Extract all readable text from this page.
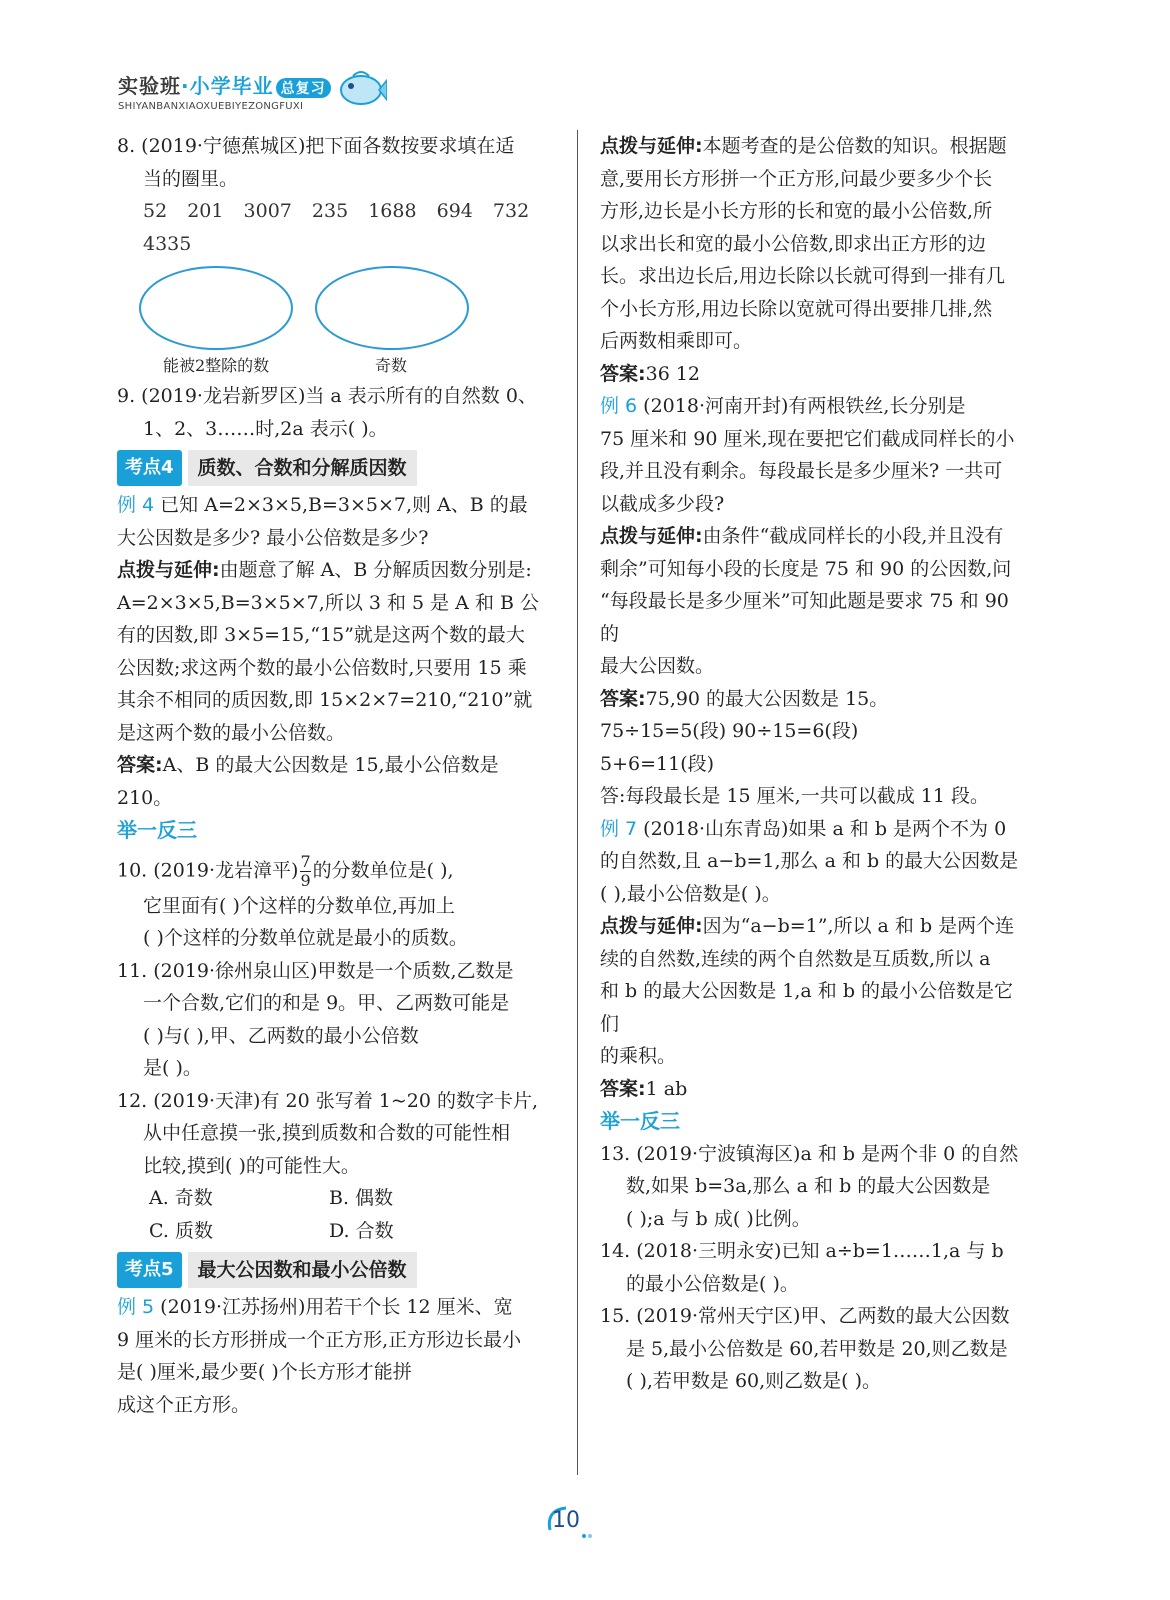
实验班·小学毕业 总复习
SHIYANBANXIAOXUEBIYEZONGFUXI

8. (2019·宁德蕉城区)把下面各数按要求填在适

当的圈里。

52 201 3007 235 1688 694 732 4335

能被2整除的数	奇数

9. (2019·龙岩新罗区)当 a 表示所有的自然数 0、

1、2、3……时,2a 表示( )。

考点4	质数、合数和分解质因数

例 4 已知 A=2×3×5,B=3×5×7,则 A、B 的最

大公因数是多少? 最小公倍数是多少?

点拨与延伸:由题意了解 A、B 分解质因数分别是:

A=2×3×5,B=3×5×7,所以 3 和 5 是 A 和 B 公

有的因数,即 3×5=15,“15”就是这两个数的最大

公因数;求这两个数的最小公倍数时,只要用 15 乘

其余不相同的质因数,即 15×2×7=210,“210”就

是这两个数的最小公倍数。

答案:A、B 的最大公因数是 15,最小公倍数是 210。

举一反三

10. (2019·龙岩漳平) $\frac{7}{9}$ 的分数单位是( ),

它里面有( )个这样的分数单位,再加上

( )个这样的分数单位就是最小的质数。

11. (2019·徐州泉山区)甲数是一个质数,乙数是

一个合数,它们的和是 9。甲、乙两数可能是

( )与( ),甲、乙两数的最小公倍数

是( )。

12. (2019·天津)有 20 张写着 1~20 的数字卡片,

从中任意摸一张,摸到质数和合数的可能性相

比较,摸到( )的可能性大。

A. 奇数	B. 偶数
C. 质数	D. 合数
考点5	最大公因数和最小公倍数

例 5 (2019·江苏扬州)用若干个长 12 厘米、宽

9 厘米的长方形拼成一个正方形,正方形边长最小

是( )厘米,最少要( )个长方形才能拼

成这个正方形。

点拨与延伸:本题考查的是公倍数的知识。根据题

意,要用长方形拼一个正方形,问最少要多少个长

方形,边长是小长方形的长和宽的最小公倍数,所

以求出长和宽的最小公倍数,即求出正方形的边

长。求出边长后,用边长除以长就可得到一排有几

个小长方形,用边长除以宽就可得出要排几排,然

后两数相乘即可。

答案:36 12

例 6 (2018·河南开封)有两根铁丝,长分别是

75 厘米和 90 厘米,现在要把它们截成同样长的小

段,并且没有剩余。每段最长是多少厘米? 一共可

以截成多少段?

点拨与延伸:由条件“截成同样长的小段,并且没有

剩余”可知每小段的长度是 75 和 90 的公因数,问

“每段最长是多少厘米”可知此题是要求 75 和 90 的

最大公因数。

答案:75,90 的最大公因数是 15。

75÷15=5(段) 90÷15=6(段)

5+6=11(段)

答:每段最长是 15 厘米,一共可以截成 11 段。

例 7 (2018·山东青岛)如果 a 和 b 是两个不为 0

的自然数,且 a−b=1,那么 a 和 b 的最大公因数是

( ),最小公倍数是( )。

点拨与延伸:因为“a−b=1”,所以 a 和 b 是两个连

续的自然数,连续的两个自然数是互质数,所以 a

和 b 的最大公因数是 1,a 和 b 的最小公倍数是它们

的乘积。

答案:1 ab

举一反三

13. (2019·宁波镇海区)a 和 b 是两个非 0 的自然

数,如果 b=3a,那么 a 和 b 的最大公因数是

( );a 与 b 成( )比例。

14. (2018·三明永安)已知 a÷b=1……1,a 与 b

的最小公倍数是( )。

15. (2019·常州天宁区)甲、乙两数的最大公因数

是 5,最小公倍数是 60,若甲数是 20,则乙数是

( ),若甲数是 60,则乙数是( )。

10
